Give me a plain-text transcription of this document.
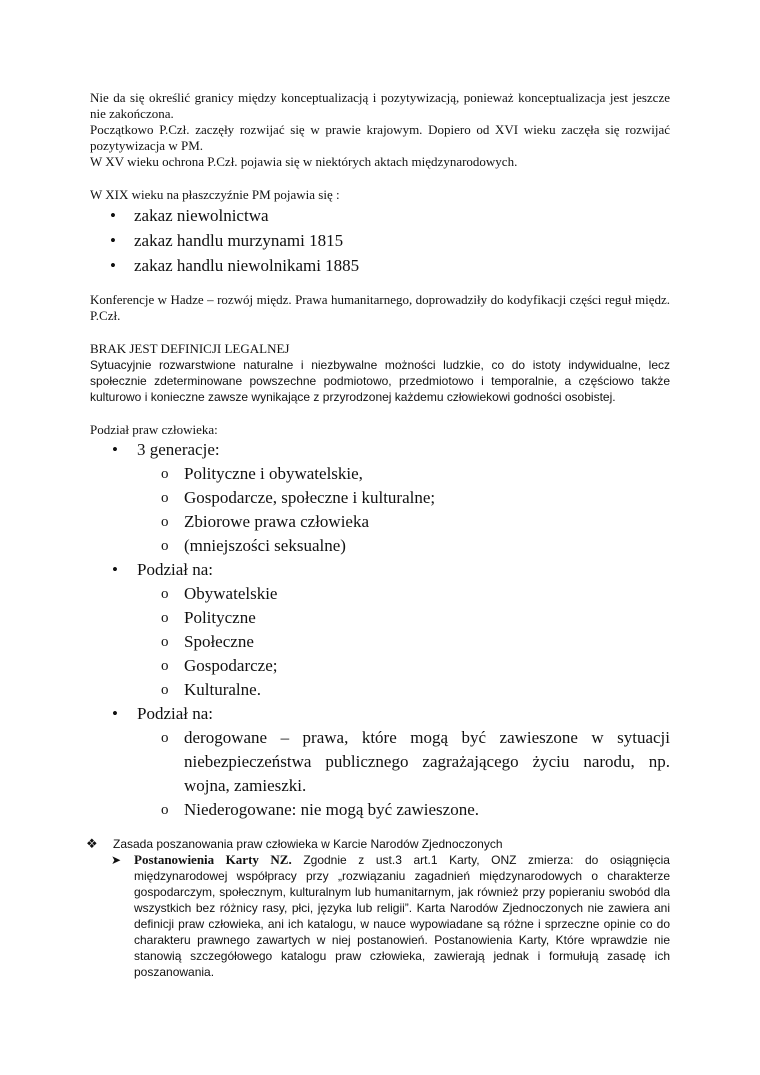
Nie da się określić granicy między konceptualizacją i pozytywizacją, ponieważ konceptualizacja jest jeszcze nie zakończona.

Początkowo P.Czł. zaczęły rozwijać się w prawie krajowym. Dopiero od XVI wieku zaczęła się rozwijać pozytywizacja w PM.

W XV wieku ochrona P.Czł. pojawia się w niektórych aktach międzynarodowych.

W XIX wieku na płaszczyźnie PM pojawia się :

• zakaz niewolnictwa
• zakaz handlu murzynami 1815
• zakaz handlu niewolnikami 1885

Konferencje w Hadze – rozwój międz. Prawa humanitarnego, doprowadziły do kodyfikacji części reguł międz. P.Czł.

BRAK JEST DEFINICJI LEGALNEJ

Sytuacyjnie rozwarstwione naturalne i niezbywalne możności ludzkie, co do istoty indywidualne, lecz społecznie zdeterminowane powszechne podmiotowo, przedmiotowo i temporalnie, a częściowo także kulturowo i konieczne zawsze wynikające z przyrodzonej każdemu człowiekowi godności osobistej.

Podział praw człowieka:

• 3 generacje:
o Polityczne i obywatelskie,
o Gospodarcze, społeczne i kulturalne;
o Zbiorowe prawa człowieka
o (mniejszości seksualne)
• Podział na:
o Obywatelskie
o Polityczne
o Społeczne
o Gospodarcze;
o Kulturalne.
• Podział na:
o derogowane – prawa, które mogą być zawieszone w sytuacji niebezpieczeństwa publicznego zagrażającego życiu narodu, np. wojna, zamieszki.
o Niederogowane: nie mogą być zawieszone.
❖ Zasada poszanowania praw człowieka w Karcie Narodów Zjednoczonych
➤ Postanowienia Karty NZ. Zgodnie z ust.3 art.1 Karty, ONZ zmierza: do osiągnięcia międzynarodowej współpracy przy „rozwiązaniu zagadnień międzynarodowych o charakterze gospodarczym, społecznym, kulturalnym lub humanitarnym, jak również przy popieraniu swobód dla wszystkich bez różnicy rasy, płci, języka lub religii”. Karta Narodów Zjednoczonych nie zawiera ani definicji praw człowieka, ani ich katalogu, w nauce wypowiadane są różne i sprzeczne opinie co do charakteru prawnego zawartych w niej postanowień. Postanowienia Karty, Które wprawdzie nie stanowią szczegółowego katalogu praw człowieka, zawierają jednak i formułują zasadę ich poszanowania.
